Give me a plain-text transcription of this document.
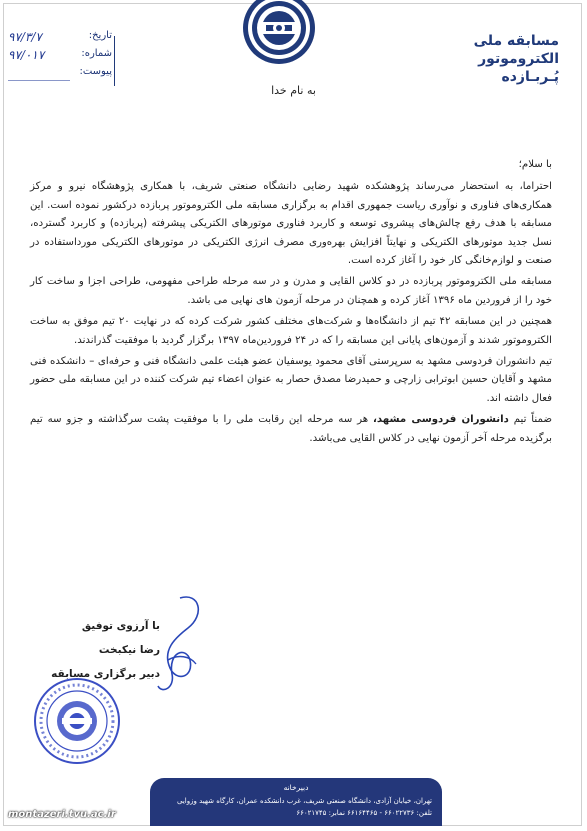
مسابقه ملی
الکتروموتور
پُـربـازده
تاریخ:
۹۷/۳/۷
شماره:
۹۷/۰۱۷
پیوست:
به نام خدا

با سلام؛

احتراما، به استحضار می‌رساند پژوهشکده شهید رضایی دانشگاه صنعتی شریف، با همکاری پژوهشگاه نیرو و مرکز همکاری‌های فناوری و نوآوری ریاست جمهوری اقدام به برگزاری مسابقه ملی الکتروموتور پربازده درکشور نموده است. این مسابقه با هدف رفع چالش‌های پیشروی توسعه و کاربرد فناوری موتورهای الکتریکی پیشرفته (پربازده) و کاربرد گسترده، نسل جدید موتورهای الکتریکی و نهایتاً افزایش بهره‌وری مصرف انرژی الکتریکی در موتورهای الکتریکی مورداستفاده در صنعت و لوازم‌خانگی کار خود را آغاز کرده است.

مسابقه ملی الکتروموتور پربازده در دو کلاس القایی و مدرن و در سه مرحله طراحی مفهومی، طراحی اجزا و ساخت کار خود را از فروردین ماه ۱۳۹۶ آغاز کرده و همچنان در مرحله آزمون های نهایی می باشد.

همچنین در این مسابقه ۴۲ تیم از دانشگاه‌ها و شرکت‌های مختلف کشور شرکت کرده که در نهایت ۲۰ تیم موفق به ساخت الکتروموتور شدند و آزمون‌های پایانی این مسابقه را که در ۲۴ فروردین‌ماه ۱۳۹۷ برگزار گردید با موفقیت گذراندند.

تیم دانشوران فردوسی مشهد به سرپرستی آقای محمود یوسفیان عضو هیئت علمی دانشگاه فنی و حرفه‌ای – دانشکده فنی مشهد و آقایان حسین ابوترابی زارچی و حمیدرضا مصدق حصار به عنوان اعضاء تیم شرکت کننده در این مسابقه ملی حضور فعال داشته اند.

ضمناً تیم دانشوران فردوسی مشهد، هر سه مرحله این رقابت ملی را با موفقیت پشت سرگذاشته و جزو سه تیم برگزیده مرحله آخر آزمون نهایی در کلاس القایی می‌باشد.

با آرزوی توفیق
رضا نیکبخت
دبیر برگزاری مسابقه
دبیرخانه
تهران، خیابان آزادی، دانشگاه صنعتی شریف، غرب دانشکده عمران، کارگاه شهید وزوایی
تلفن: ۶۶۰۲۲۷۳۶ - ۶۶۱۶۴۴۶۵ نمابر: ۶۶۰۲۱۷۴۵
montazeri.tvu.ac.ir
